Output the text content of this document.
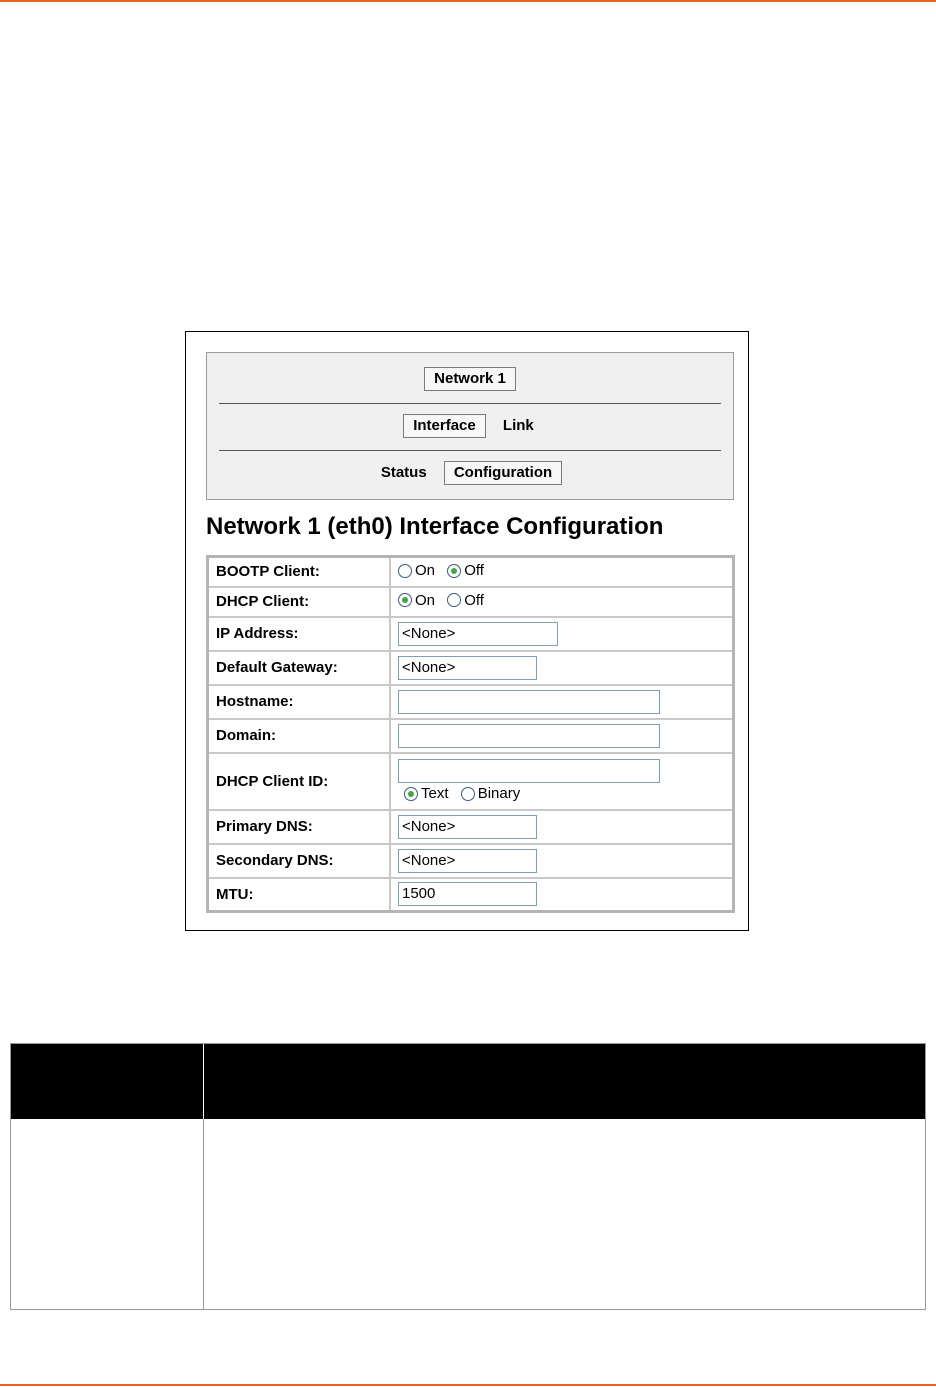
Network 1
Interface Link
Status Configuration
Network 1 (eth0) Interface Configuration
BOOTP Client:	On
Off

DHCP Client:	On
Off

IP Address:	<None>
Default Gateway:	<None>
Hostname:	
Domain:	
DHCP Client ID:	Text
Binary

Primary DNS:	<None>
Secondary DNS:	<None>
MTU:	1500
